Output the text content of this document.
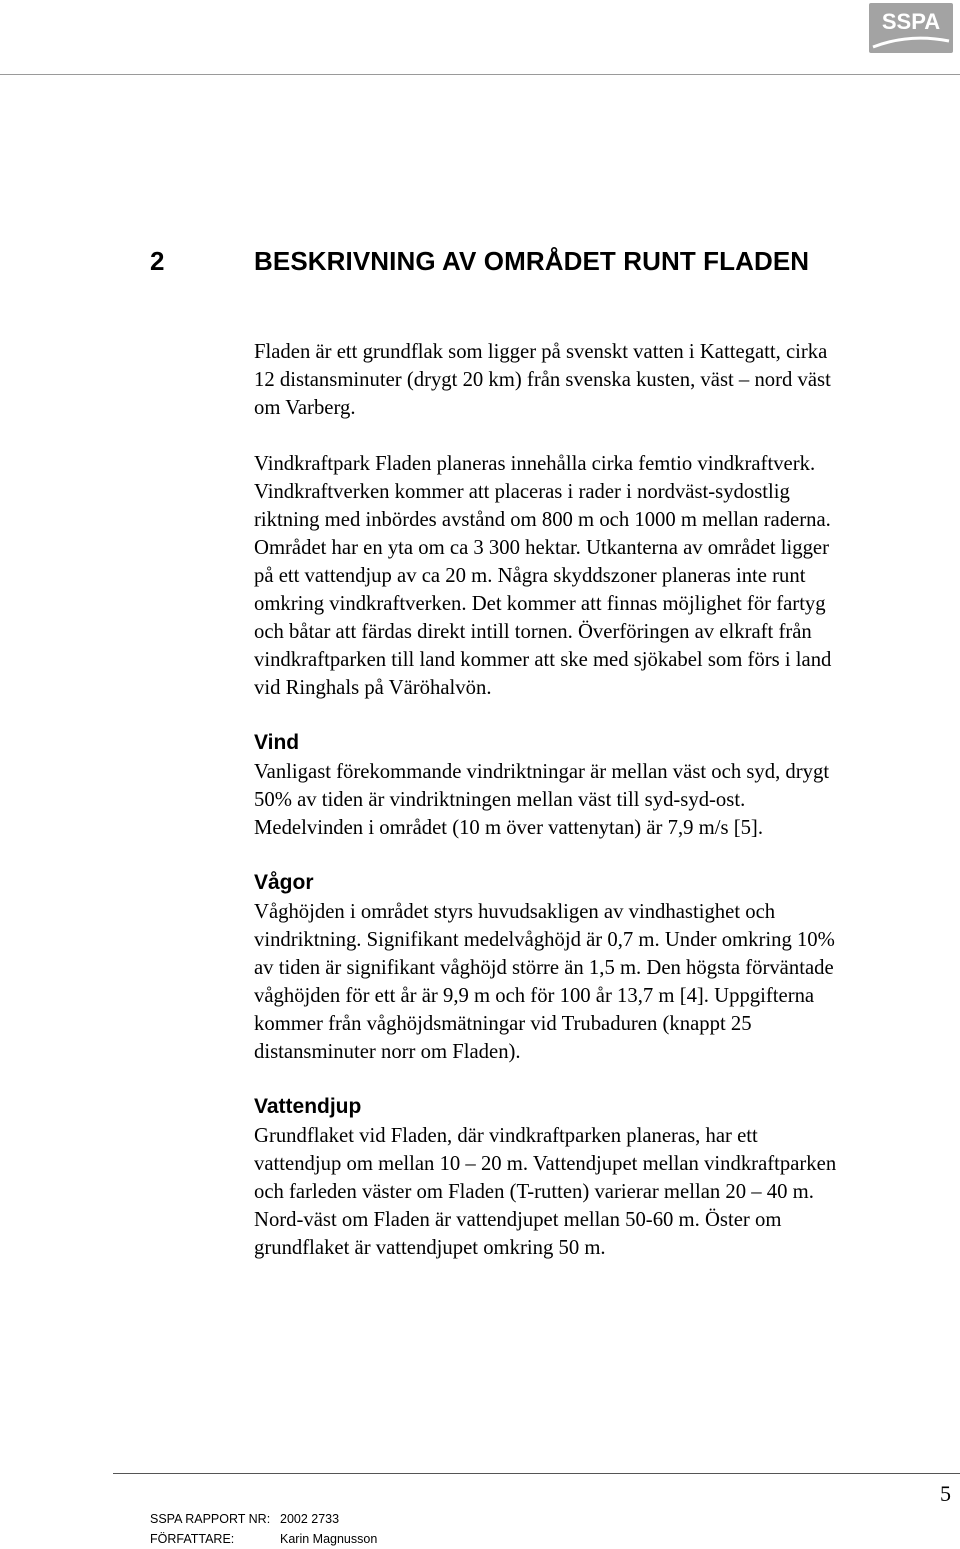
SSPA
2	BESKRIVNING AV OMRÅDET RUNT FLADEN

Fladen är ett grundflak som ligger på svenskt vatten i Kattegatt, cirka
12 distansminuter (drygt 20 km) från svenska kusten, väst – nord väst
om Varberg.

Vindkraftpark Fladen planeras innehålla cirka femtio vindkraftverk.
Vindkraftverken kommer att placeras i rader i nordväst-sydostlig
riktning med inbördes avstånd om 800 m och 1000 m mellan raderna.
Området har en yta om ca 3 300 hektar. Utkanterna av området ligger
på ett vattendjup av ca 20 m. Några skyddszoner planeras inte runt
omkring vindkraftverken. Det kommer att finnas möjlighet för fartyg
och båtar att färdas direkt intill tornen. Överföringen av elkraft från
vindkraftparken till land kommer att ske med sjökabel som förs i land
vid Ringhals på Väröhalvön.

Vind

Vanligast förekommande vindriktningar är mellan väst och syd, drygt
50% av tiden är vindriktningen mellan väst till syd-syd-ost.
Medelvinden i området (10 m över vattenytan) är 7,9 m/s [5].

Vågor

Våghöjden i området styrs huvudsakligen av vindhastighet och
vindriktning. Signifikant medelvåghöjd är 0,7 m. Under omkring 10%
av tiden är signifikant våghöjd större än 1,5 m. Den högsta förväntade
våghöjden för ett år är 9,9 m och för 100 år 13,7 m [4]. Uppgifterna
kommer från våghöjdsmätningar vid Trubaduren (knappt 25
distansminuter norr om Fladen).

Vattendjup

Grundflaket vid Fladen, där vindkraftparken planeras, har ett
vattendjup om mellan 10 – 20 m. Vattendjupet mellan vindkraftparken
och farleden väster om Fladen (T-rutten) varierar mellan 20 – 40 m.
Nord-väst om Fladen är vattendjupet mellan 50-60 m. Öster om
grundflaket är vattendjupet omkring 50 m.

5
SSPA RAPPORT NR: 2002 2733
FÖRFATTARE:	Karin Magnusson
